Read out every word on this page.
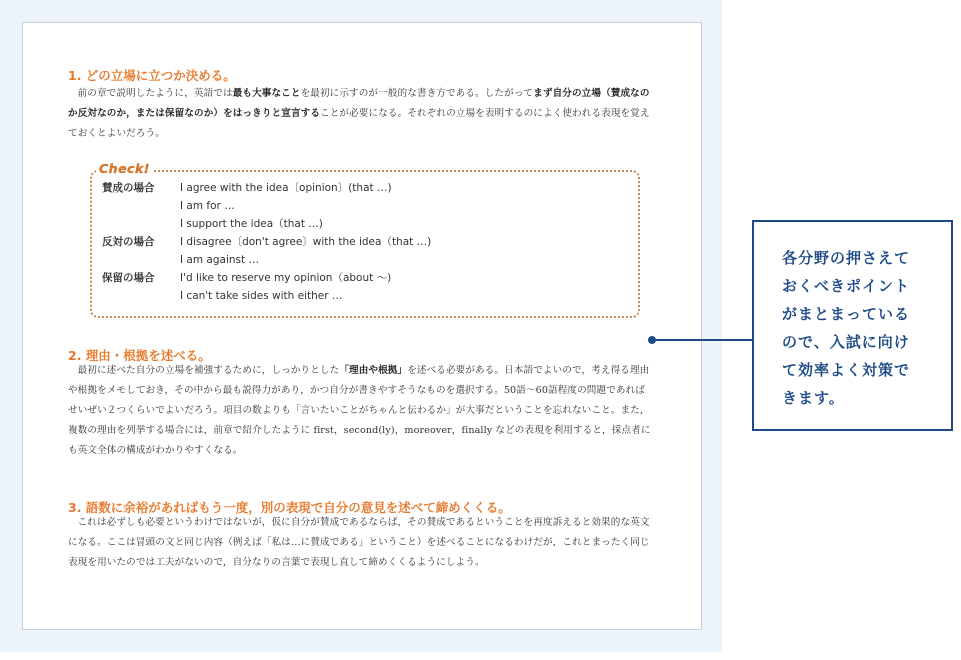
1. どの立場に立つか決める。
前の章で説明したように，英語では最も大事なことを最初に示すのが一般的な書き方である。したがってまず自分の立場（賛成なのか反対なのか，または保留なのか）をはっきりと宣言することが必要になる。それぞれの立場を表明するのによく使われる表現を覚えておくとよいだろう。
Check!
賛成の場合	I agree with the idea〔opinion〕(that …)
I am for …
I support the idea（that …)
反対の場合	I disagree〔don't agree〕with the idea（that …)
I am against …
保留の場合	I'd like to reserve my opinion（about ～)
I can't take sides with either …
2. 理由・根拠を述べる。
最初に述べた自分の立場を補強するために，しっかりとした「理由や根拠」を述べる必要がある。日本語でよいので，考え得る理由や根拠をメモしておき，その中から最も説得力があり，かつ自分が書きやすそうなものを選択する。50語～60語程度の問題であればせいぜい２つくらいでよいだろう。項目の数よりも「言いたいことがちゃんと伝わるか」が大事だということを忘れないこと。また，複数の理由を列挙する場合には，前章で紹介したように first，second(ly)，moreover，finally などの表現を利用すると，採点者にも英文全体の構成がわかりやすくなる。
3. 語数に余裕があればもう一度，別の表現で自分の意見を述べて締めくくる。
これは必ずしも必要というわけではないが，仮に自分が賛成であるならば，その賛成であるということを再度訴えると効果的な英文になる。ここは冒頭の文と同じ内容（例えば「私は…に賛成である」ということ）を述べることになるわけだが，これとまったく同じ表現を用いたのでは工夫がないので，自分なりの言葉で表現し直して締めくくるようにしよう。
各分野の押さえて
おくべきポイント
がまとまっている
ので、入試に向け
て効率よく対策で
きます。
